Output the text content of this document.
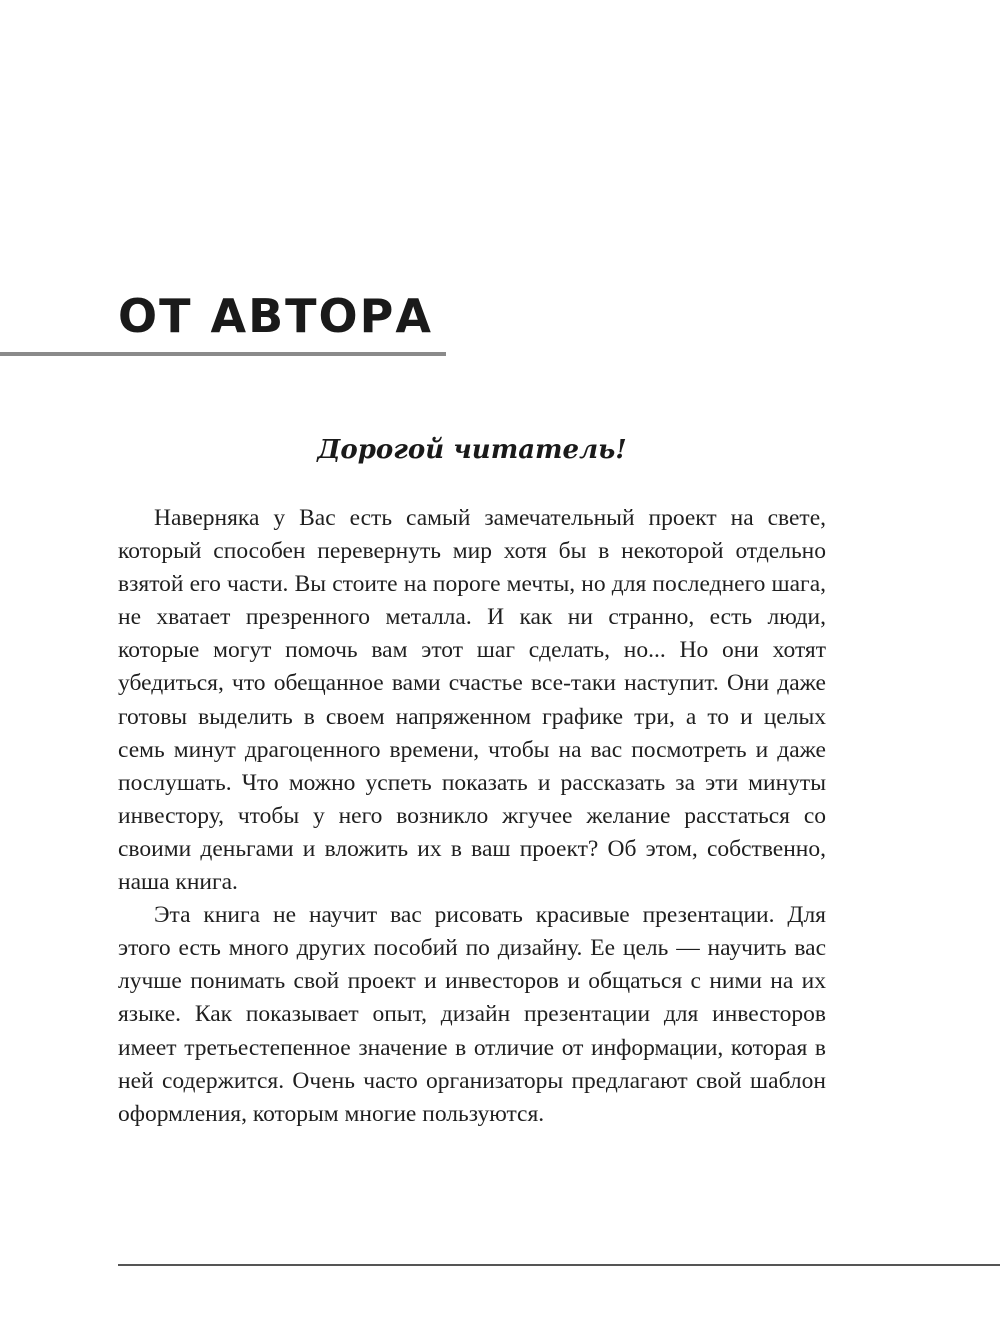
ОТ АВТОРА
Дорогой читатель!

Наверняка у Вас есть самый замечательный проект на свете, который способен перевернуть мир хотя бы в некоторой отдельно взятой его части. Вы стоите на пороге мечты, но для последнего шага, не хватает презренного металла. И как ни странно, есть люди, которые могут помочь вам этот шаг сделать, но... Но они хотят убедиться, что обещанное вами счастье все-таки наступит. Они даже готовы выделить в своем напряженном графике три, а то и целых семь минут драгоценного времени, чтобы на вас посмотреть и даже послушать. Что можно успеть показать и рассказать за эти минуты инвестору, чтобы у него возникло жгучее желание расстаться со своими деньгами и вложить их в ваш проект? Об этом, собственно, наша книга.

Эта книга не научит вас рисовать красивые презентации. Для этого есть много других пособий по дизайну. Ее цель — научить вас лучше понимать свой проект и инвесторов и общаться с ними на их языке. Как показывает опыт, дизайн презентации для инвесторов имеет третьестепенное значение в отличие от информации, которая в ней содержится. Очень часто организаторы предлагают свой шаблон оформления, которым многие пользуются.
